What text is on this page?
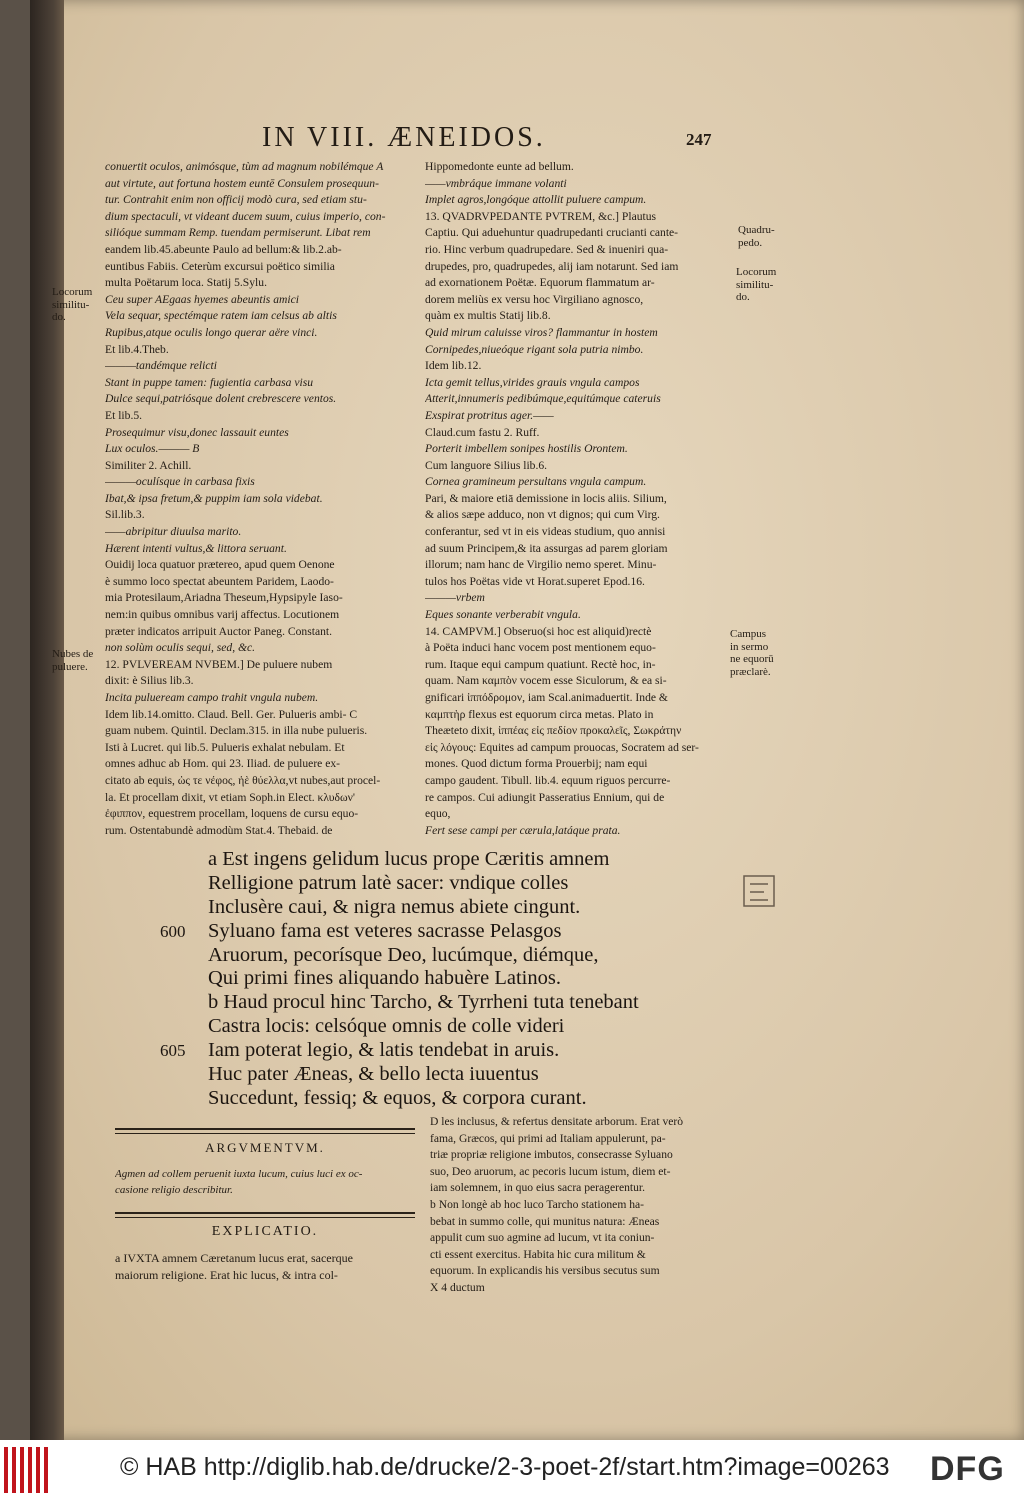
IN VIII. ÆNEIDOS.	247
conuertit oculos, animósque, tùm ad magnum nobilémque A
aut virtute, aut fortuna hostem euntē Consulem prosequun-
tur. Contrahit enim non officij modò cura, sed etiam stu-
dium spectaculi, vt videant ducem suum, cuius imperio, con-
silióque summam Remp. tuendam permiserunt. Libat rem
eandem lib.45.abeunte Paulo ad bellum:& lib.2.ab-
euntibus Fabiis. Ceterùm excursui poëtico similia
multa Poëtarum loca. Statij 5.Sylu.
Ceu super AEgaas hyemes abeuntis amici
Vela sequar, spectémque ratem iam celsus ab altis
Rupibus,atque oculis longo querar aëre vinci.
Et lib.4.Theb.
———tandémque relicti
Stant in puppe tamen: fugientia carbasa visu
Dulce sequi,patriósque dolent crebrescere ventos.
Et lib.5.
Prosequimur visu,donec lassauit euntes
Lux oculos.——— B
Similiter 2. Achill.
———oculísque in carbasa fixis
Ibat,& ipsa fretum,& puppim iam sola videbat.
Sil.lib.3.
——abripitur diuulsa marito.
Hærent intenti vultus,& littora seruant.
Ouidij loca quatuor prætereo, apud quem Oenone
è summo loco spectat abeuntem Paridem, Laodo-
mia Protesilaum,Ariadna Theseum,Hypsipyle Iaso-
nem:in quibus omnibus varij affectus. Locutionem
præter indicatos arripuit Auctor Paneg. Constant.
non solùm oculis sequi, sed, &c.
12. PVLVEREAM NVBEM.] De puluere nubem
dixit: è Silius lib.3.
Incita puluerеam campo trahit vngula nubem.
Idem lib.14.omitto. Claud. Bell. Ger. Pulueris ambi- C
guam nubem. Quintil. Declam.315. in illa nube pulueris.
Isti à Lucret. qui lib.5. Pulueris exhalat nebulam. Et
omnes adhuc ab Hom. qui 23. Iliad. de puluere ex-
citato ab equis, ὡς τε νέφος, ἠὲ θύελλα,vt nubes,aut procel-
la. Et procellam dixit, vt etiam Soph.in Elect. κλυδων'
ἐφιππον, equestrem procellam, loquens de cursu equo-
rum. Ostentabundè admodùm Stat.4. Thebaid. de
Hippomedonte eunte ad bellum.
——vmbráque immane volanti
Implet agros,longóque attollit puluere campum.
13. QVADRVPEDANTE PVTREM, &c.] Plautus
Captiu. Qui aduehuntur quadrupedanti crucianti cante-
rio. Hinc verbum quadrupedare. Sed & inueniri qua-
drupedes, pro, quadrupedes, alij iam notarunt. Sed iam
ad exornationem Poëtæ. Equorum flammatum ar-
dorem meliùs ex versu hoc Virgiliano agnosco,
quàm ex multis Statij lib.8.
Quid mirum caluisse viros? flammantur in hostem
Cornipedes,niueóque rigant sola putria nimbo.
Idem lib.12.
Icta gemit tellus,virides grauis vngula campos
Atterit,innumeris pedibúmque,equitúmque cateruis
Exspirat protritus ager.——
Claud.cum fastu 2. Ruff.
Porterit imbellem sonipes hostilis Orontem.
Cum languore Silius lib.6.
Cornea gramineum persultans vngula campum.
Pari, & maiore etiā demissione in locis aliis. Silium,
& alios sæpe adduco, non vt dignos; qui cum Virg.
conferantur, sed vt in eis videas studium, quo annisi
ad suum Principem,& ita assurgas ad parem gloriam
illorum; nam hanc de Virgilio nemo speret. Minu-
tulos hos Poëtas vide vt Horat.superet Epod.16.
———vrbem
Eques sonante verberabit vngula.
14. CAMPVM.] Obseruo(si hoc est aliquid)rectè
à Poëta induci hanc vocem post mentionem equo-
rum. Itaque equi campum quatiunt. Rectè hoc, in-
quam. Nam καμπὸν vocem esse Siculorum, & ea si-
gnificari ἱππόδρομον, iam Scal.animaduertit. Inde &
καμπτὴρ flexus est equorum circa metas. Plato in
Theæteto dixit, ἱππέας εἰς πεδίον προκαλεῖς, Σωκράτην
εἰς λόγους: Equites ad campum prouocas, Socratem ad ser-
mones. Quod dictum forma Prouerbij; nam equi
campo gaudent. Tibull. lib.4. equum riguos percurre-
re campos. Cui adiungit Passeratius Ennium, qui de
equo,
Fert sese campi per cærula,latáque prata.
Locorum
similitu-
do.
Nubes de
puluere.
Quadru-
pedo.
Locorum
similitu-
do.
Campus
in sermo
ne equorū
præclarè.
a Est ingens gelidum lucus prope Cæritis amnem
Relligione patrum latè sacer: vndique colles
Inclusère caui, & nigra nemus abiete cingunt.
600 Syluano fama est veteres sacrasse Pelasgos
Aruorum, pecorísque Deo, lucúmque, diémque,
Qui primi fines aliquando habuère Latinos.
b Haud procul hinc Tarcho, & Tyrrheni tuta tenebant
Castra locis: celsóque omnis de colle videri
605 Iam poterat legio, & latis tendebat in aruis.
Huc pater Æneas, & bello lecta iuuentus
Succedunt, fessiq; & equos, & corpora curant.
ARGVMENTVM.
Agmen ad collem peruenit iuxta lucum, cuius luci ex oc-
casione religio describitur.
EXPLICATIO.
a IVXTA amnem Cæretanum lucus erat, sacerque
maiorum religione. Erat hic lucus, & intra col-
D les inclusus, & refertus densitate arborum. Erat verò
fama, Græcos, qui primi ad Italiam appulerunt, pa-
triæ propriæ religione imbutos, consecrasse Syluano
suo, Deo aruorum, ac pecoris lucum istum, diem et-
iam solemnem, in quo eius sacra peragerentur.
b Non longè ab hoc luco Tarcho stationem ha-
bebat in summo colle, qui munitus natura: Æneas
appulit cum suo agmine ad lucum, vt ita coniun-
cti essent exercitus. Habita hic cura militum &
equorum. In explicandis his versibus secutus sum
X 4 ductum
© HAB http://diglib.hab.de/drucke/2-3-poet-2f/start.htm?image=00263 DFG
